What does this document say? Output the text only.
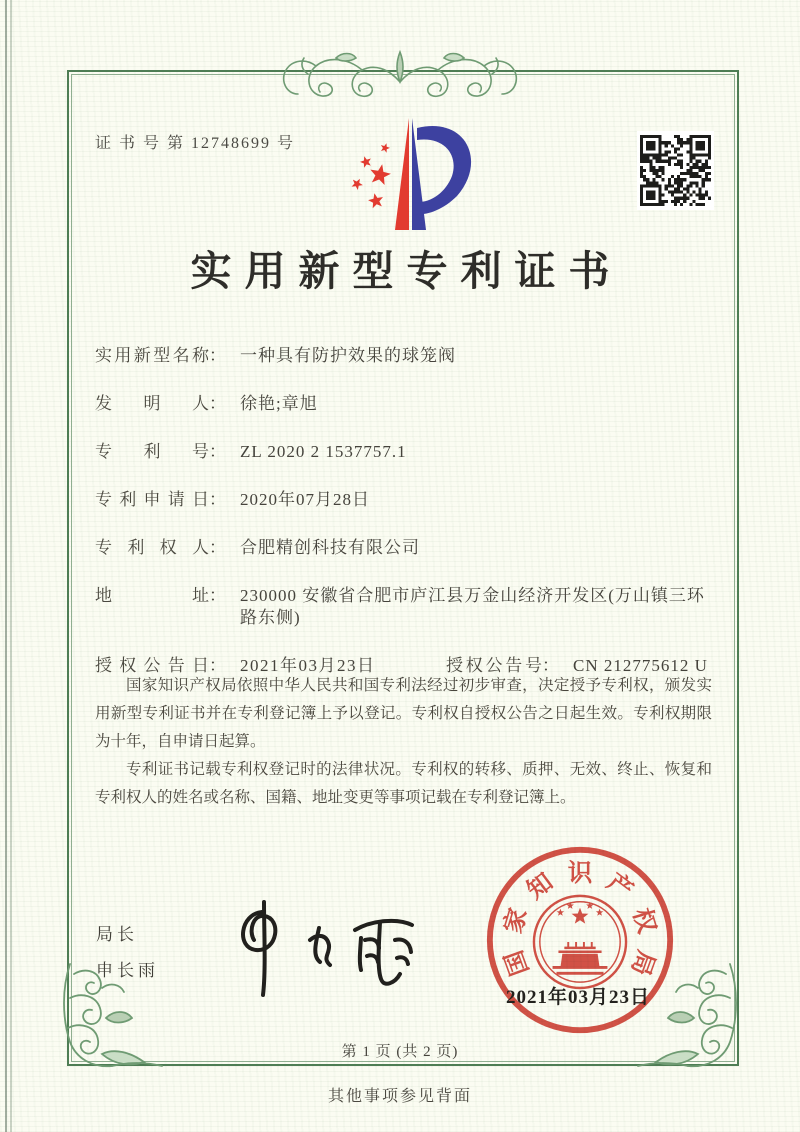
证 书 号 第 12748699 号
实用新型专利证书
实用新型名称 ： 一种具有防护效果的球笼阀
发明人 ： 徐艳;章旭
专利号 ： ZL 2020 2 1537757.1
专利申请日 ： 2020年07月28日
专利权人 ： 合肥精创科技有限公司
地址 ： 230000 安徽省合肥市庐江县万金山经济开发区(万山镇三环路东侧)
授权公告日 ： 2021年03月23日	授权公告号 ： CN 212775612 U

国家知识产权局依照中华人民共和国专利法经过初步审查，决定授予专利权，颁发实用新型专利证书并在专利登记簿上予以登记。专利权自授权公告之日起生效。专利权期限为十年，自申请日起算。

专利证书记载专利权登记时的法律状况。专利权的转移、质押、无效、终止、恢复和专利权人的姓名或名称、国籍、地址变更等事项记载在专利登记簿上。

局长
申长雨	国
家
知 识 产
权
局
2021年03月23日
第 1 页 (共 2 页)
其他事项参见背面
